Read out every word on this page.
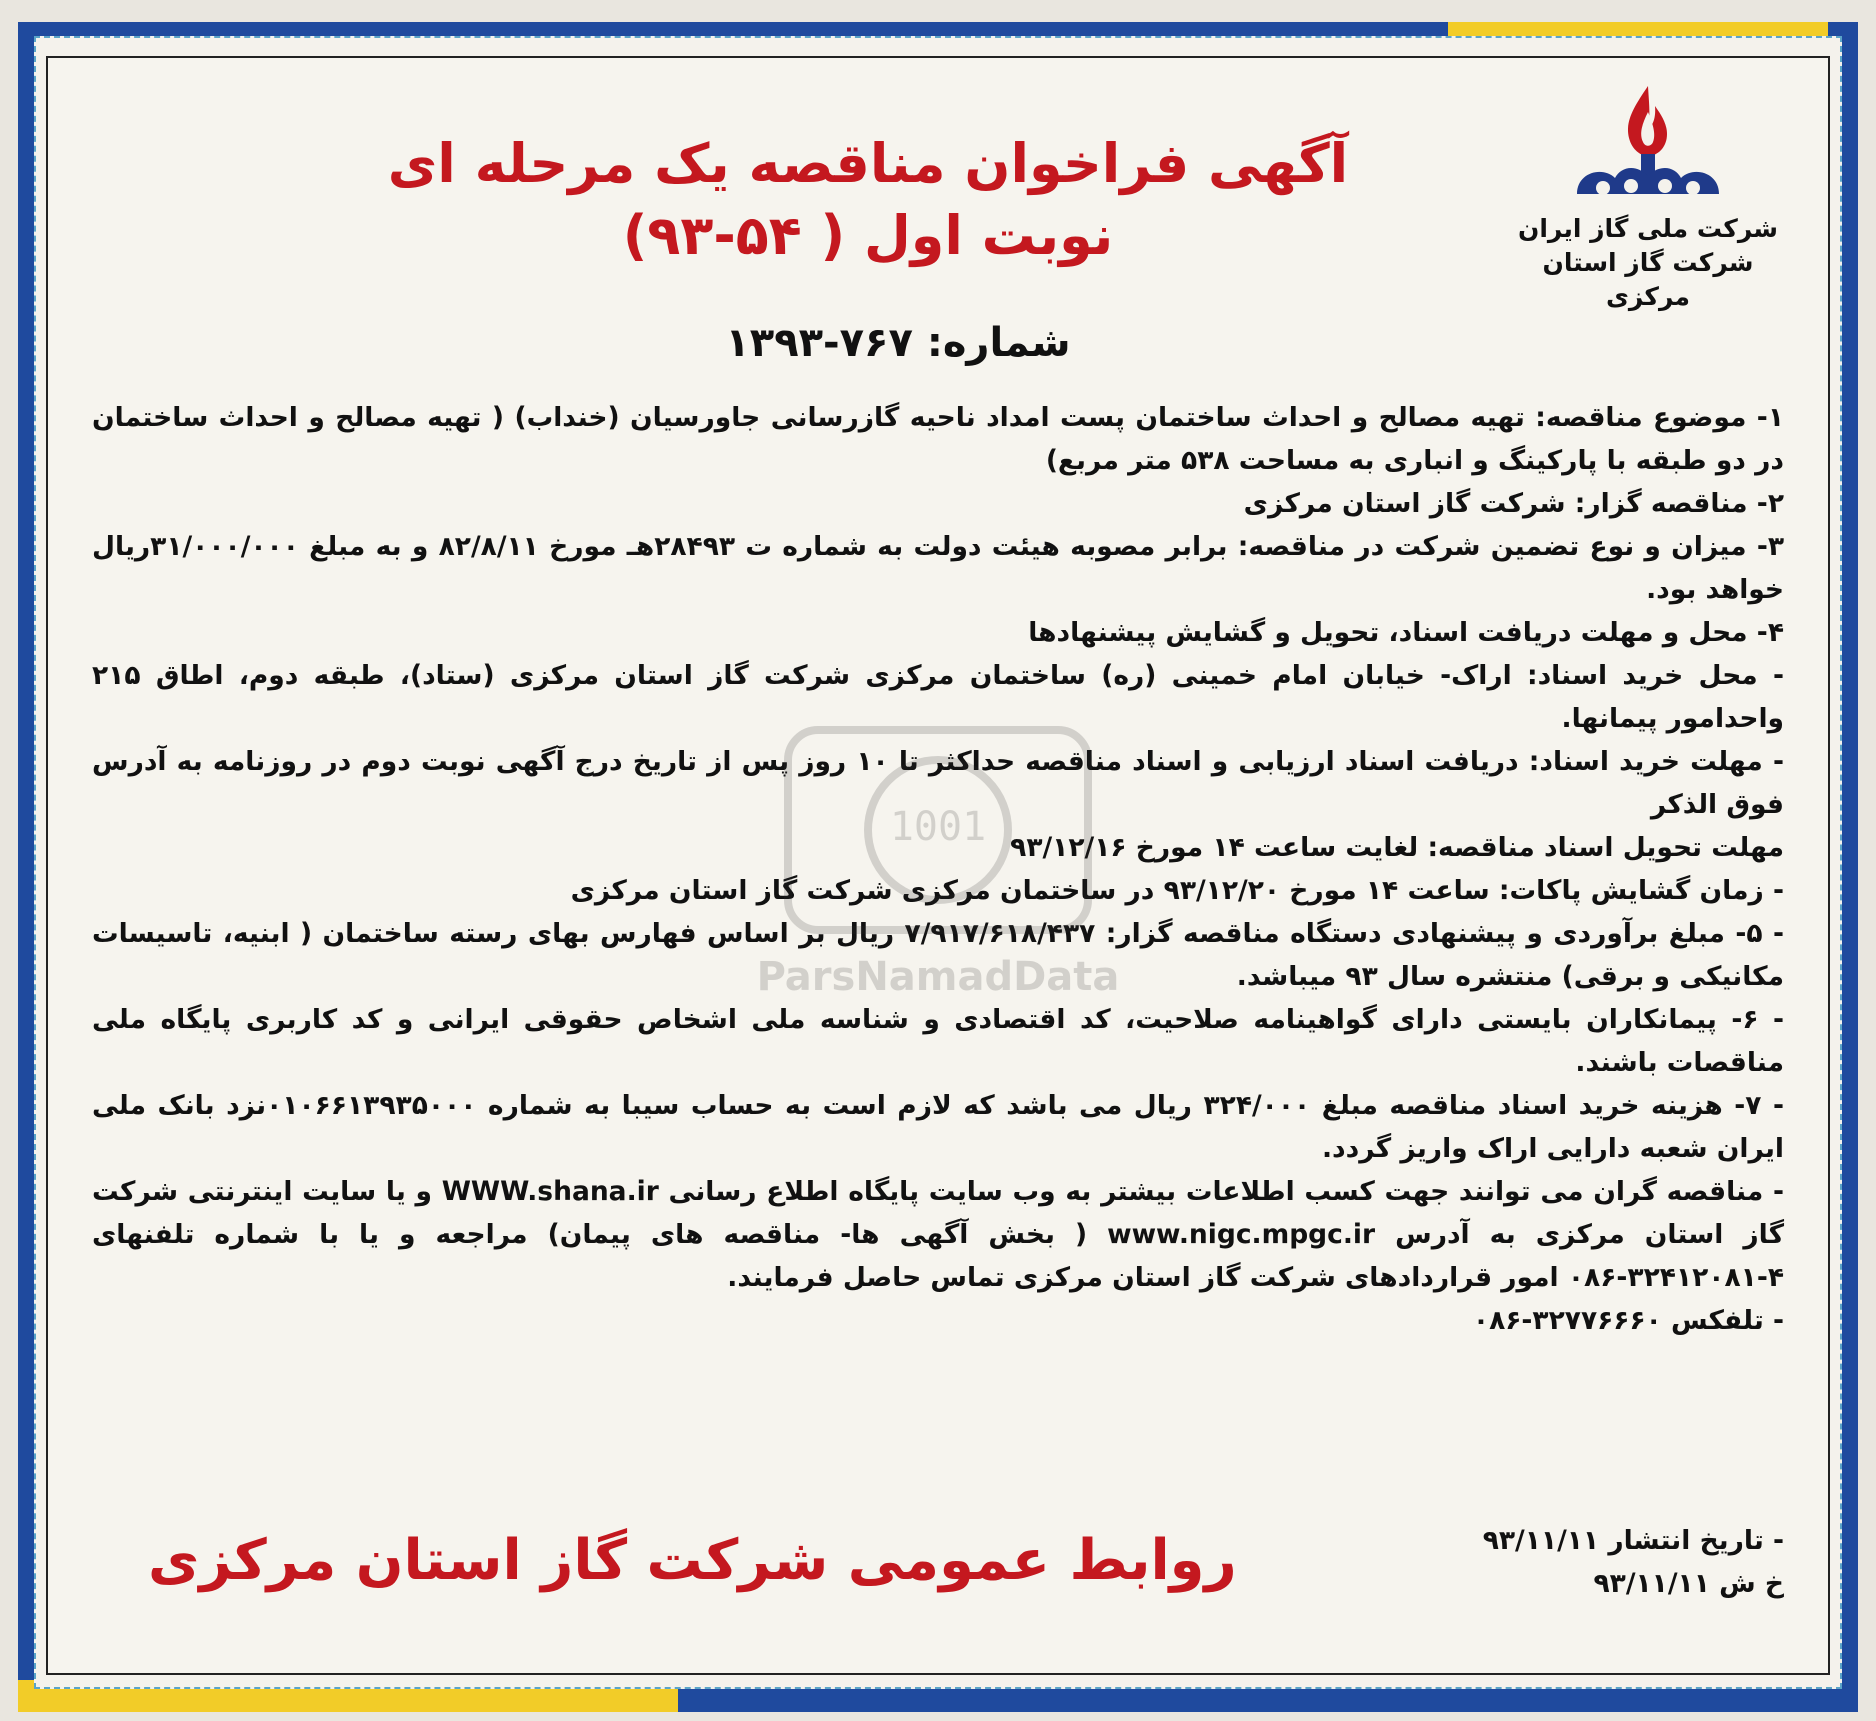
شرکت ملی گاز ایران
شرکت گاز استان مرکزی
آگهی فراخوان مناقصه یک مرحله ای
نوبت اول ( ۵۴-۹۳)
شماره: ۷۶۷-۱۳۹۳

۱- موضوع مناقصه: تهیه مصالح و احداث ساختمان پست امداد ناحیه گازرسانی جاورسیان (خنداب) ( تهیه مصالح و احداث ساختمان در دو طبقه با پارکینگ و انباری به مساحت ۵۳۸ متر مربع)

۲- مناقصه گزار: شرکت گاز استان مرکزی

۳- میزان و نوع تضمین شرکت در مناقصه: برابر مصوبه هیئت دولت به شماره ت ۲۸۴۹۳هـ مورخ ۸۲/۸/۱۱ و به مبلغ ۳۱/۰۰۰/۰۰۰ریال خواهد بود.

۴- محل و مهلت دریافت اسناد، تحویل و گشایش پیشنهادها

- محل خرید اسناد: اراک- خیابان امام خمینی (ره) ساختمان مرکزی شرکت گاز استان مرکزی (ستاد)، طبقه دوم، اطاق ۲۱۵ واحدامور پیمانها.

- مهلت خرید اسناد: دریافت اسناد ارزیابی و اسناد مناقصه حداکثر تا ۱۰ روز پس از تاریخ درج آگهی نوبت دوم در روزنامه به آدرس فوق الذکر

مهلت تحویل اسناد مناقصه: لغایت ساعت ۱۴ مورخ ۹۳/۱۲/۱۶

- زمان گشایش پاکات: ساعت ۱۴ مورخ ۹۳/۱۲/۲۰ در ساختمان مرکزی شرکت گاز استان مرکزی

- ۵- مبلغ برآوردی و پیشنهادی دستگاه مناقصه گزار: ۷/۹۱۷/۶۱۸/۴۳۷ ریال بر اساس فهارس بهای رسته ساختمان ( ابنیه، تاسیسات مکانیکی و برقی) منتشره سال ۹۳ میباشد.

- ۶- پیمانکاران بایستی دارای گواهینامه صلاحیت، کد اقتصادی و شناسه ملی اشخاص حقوقی ایرانی و کد کاربری پایگاه ملی مناقصات باشند.

- ۷- هزینه خرید اسناد مناقصه مبلغ ۳۲۴/۰۰۰ ریال می باشد که لازم است به حساب سیبا به شماره ۰۱۰۶۶۱۳۹۳۵۰۰۰نزد بانک ملی ایران شعبه دارایی اراک واریز گردد.

- مناقصه گران می توانند جهت کسب اطلاعات بیشتر به وب سایت پایگاه اطلاع رسانی WWW.shana.ir و یا سایت اینترنتی شرکت گاز استان مرکزی به آدرس www.nigc.mpgc.ir ( بخش آگهی ها- مناقصه های پیمان) مراجعه و یا با شماره تلفنهای ۴-۳۲۴۱۲۰۸۱-۰۸۶ امور قراردادهای شرکت گاز استان مرکزی تماس حاصل فرمایند.

- تلفکس ۳۲۷۷۶۶۶۰-۰۸۶

- تاریخ انتشار ۹۳/۱۱/۱۱
خ ش ۹۳/۱۱/۱۱
روابط عمومی شرکت گاز استان مرکزی
